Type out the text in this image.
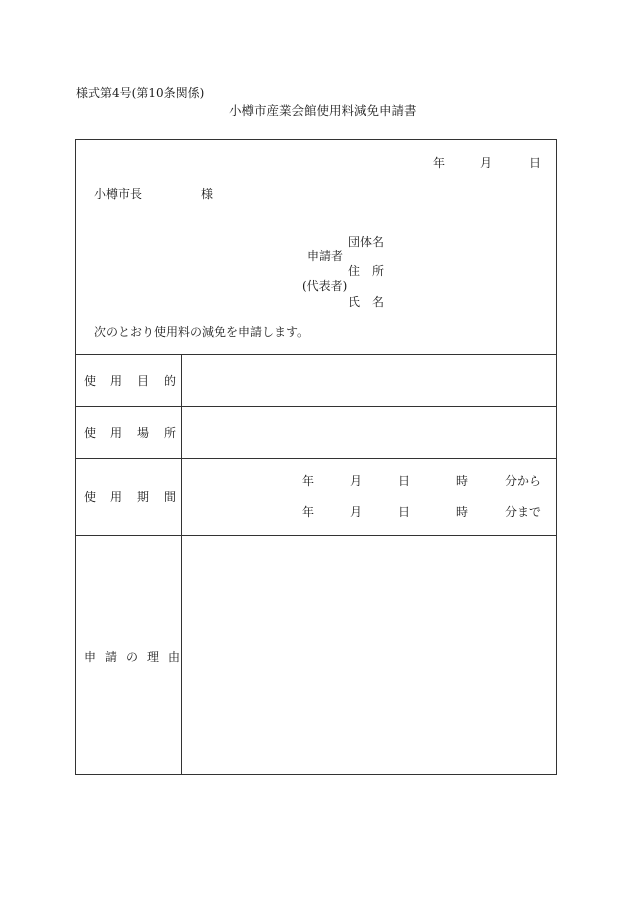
様式第4号(第10条関係)
小樽市産業会館使用料減免申請書
年	月	日
小樽市長	様
団体名
申請者
住　所
(代表者)
氏　名
次のとおり使用料の減免を申請します。
使 用 目 的
使 用 場 所
使 用 期 間
年	月	日	時	分から
年	月	日	時	分まで
申 請 の 理 由
